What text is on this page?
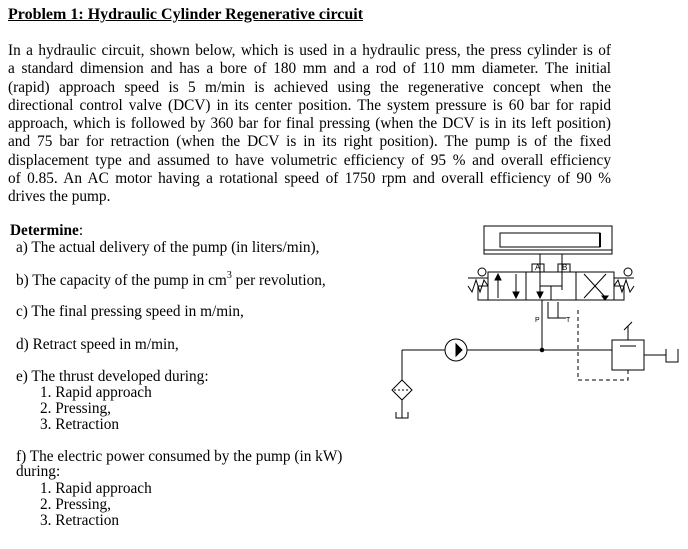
Problem 1: Hydraulic Cylinder Regenerative circuit
In a hydraulic circuit, shown below, which is used in a hydraulic press, the press cylinder is of
a standard dimension and has a bore of 180 mm and a rod of 110 mm diameter. The initial
(rapid) approach speed is 5 m/min is achieved using the regenerative concept when the
directional control valve (DCV) in its center position. The system pressure is 60 bar for rapid
approach, which is followed by 360 bar for final pressing (when the DCV is in its left position)
and 75 bar for retraction (when the DCV is in its right position). The pump is of the fixed
displacement type and assumed to have volumetric efficiency of 95 % and overall efficiency
of 0.85. An AC motor having a rotational speed of 1750 rpm and overall efficiency of 90 %
drives the pump.
Determine:
a) The actual delivery of the pump (in liters/min),
b) The capacity of the pump in $cm^3$ per revolution,
c) The final pressing speed in m/min,
d) Retract speed in m/min,
e) The thrust developed during:
1. Rapid approach
2. Pressing,
3. Retraction
f) The electric power consumed by the pump (in kW)
during:
1. Rapid approach
2. Pressing,
3. Retraction
A	B
P	T
